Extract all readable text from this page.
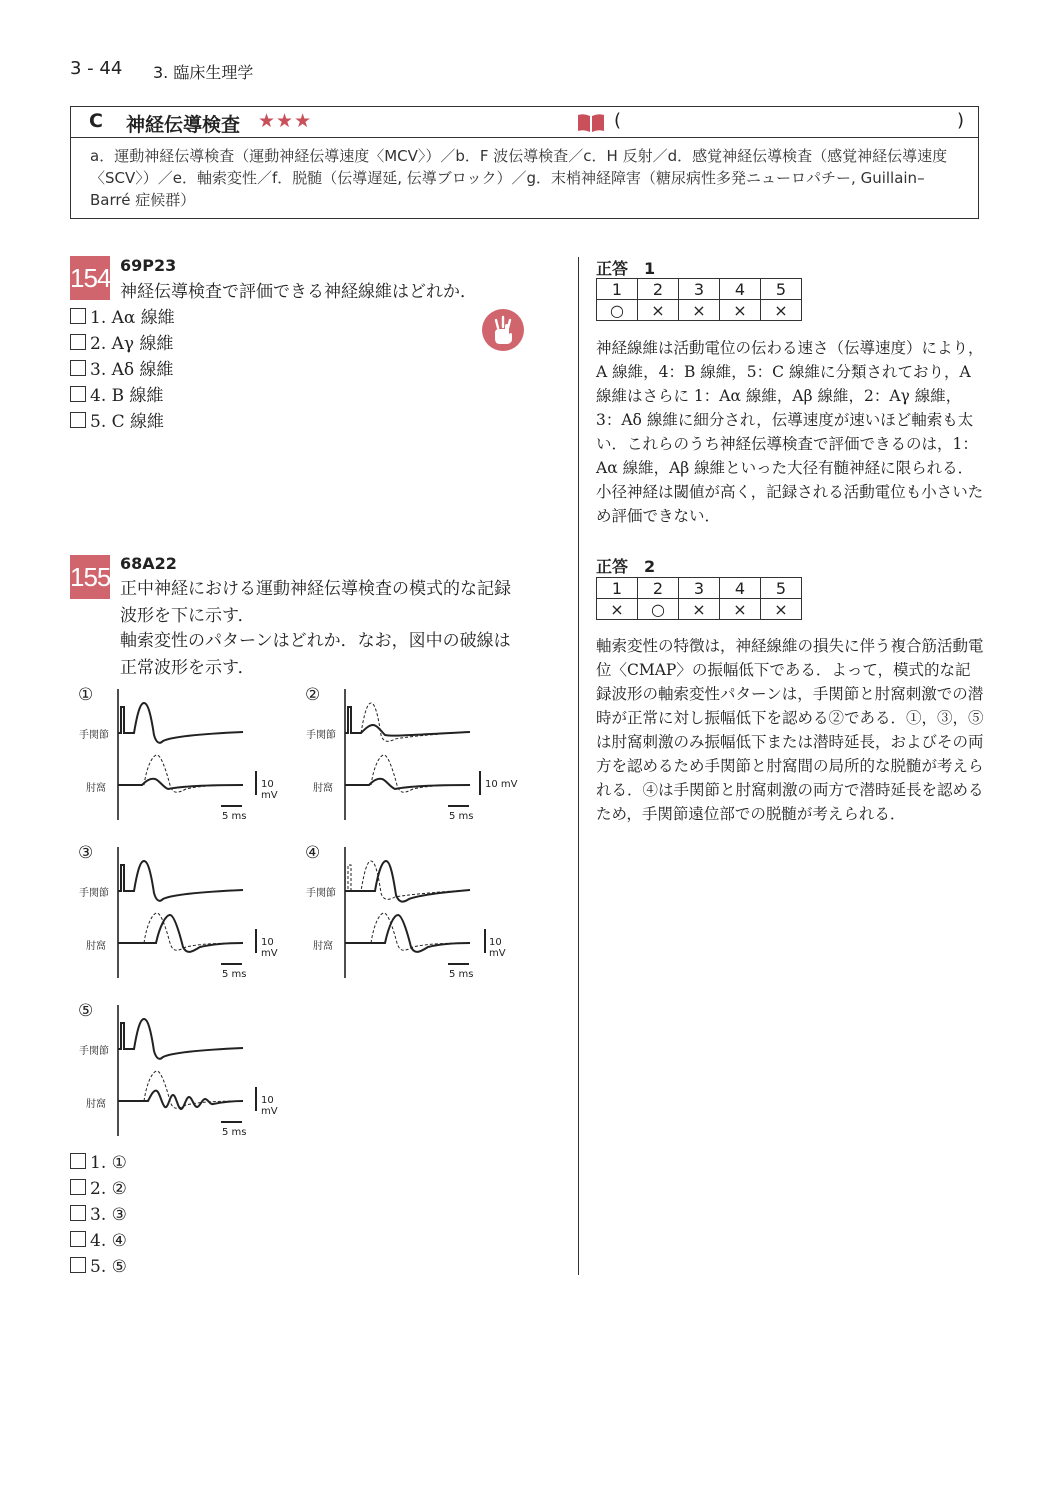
3 - 44 3. 臨床生理学
C 神経伝導検査 ★★★	(	)
a．運動神経伝導検査（運動神経伝導速度〈MCV〉）／b．F 波伝導検査／c．H 反射／d．感覚神経伝導検査（感覚神経伝導速度〈SCV〉）／e．軸索変性／f．脱髄（伝導遅延, 伝導ブロック）／g．末梢神経障害（糖尿病性多発ニューロパチー, Guillain–Barré 症候群）
154 69P23
神経伝導検査で評価できる神経線維はどれか．
1. Aα 線維
2. Aγ 線維
3. Aδ 線維
4. B 線維
5. C 線維
正答　1
1	2	3	4	5
○	×	×	×	×
神経線維は活動電位の伝わる速さ（伝導速度）により，A 線維，4：B 線維，5：C 線維に分類されており，A 線維はさらに 1：Aα 線維，Aβ 線維，2：Aγ 線維，3：Aδ 線維に細分され，伝導速度が速いほど軸索も太い．これらのうち神経伝導検査で評価できるのは，1：Aα 線維，Aβ 線維といった大径有髄神経に限られる．小径神経は閾値が高く，記録される活動電位も小さいため評価できない．
155 68A22
正中神経における運動神経伝導検査の模式的な記録
波形を下に示す．
軸索変性のパターンはどれか．なお，図中の破線は
正常波形を示す．
①
手関節
肘窩	10 mV
5 ms
②
手関節
肘窩	10 mV
5 ms
③
手関節
肘窩	10 mV
5 ms
④
手関節
肘窩	10 mV
5 ms
⑤
手関節
肘窩	10 mV
5 ms
1. ①
2. ②
3. ③
4. ④
5. ⑤
正答　2
1	2	3	4	5
×	○	×	×	×
軸索変性の特徴は，神経線維の損失に伴う複合筋活動電位〈CMAP〉の振幅低下である．よって，模式的な記録波形の軸索変性パターンは，手関節と肘窩刺激での潜時が正常に対し振幅低下を認める②である．①，③，⑤は肘窩刺激のみ振幅低下または潜時延長，およびその両方を認めるため手関節と肘窩間の局所的な脱髄が考えられる．④は手関節と肘窩刺激の両方で潜時延長を認めるため，手関節遠位部での脱髄が考えられる．
